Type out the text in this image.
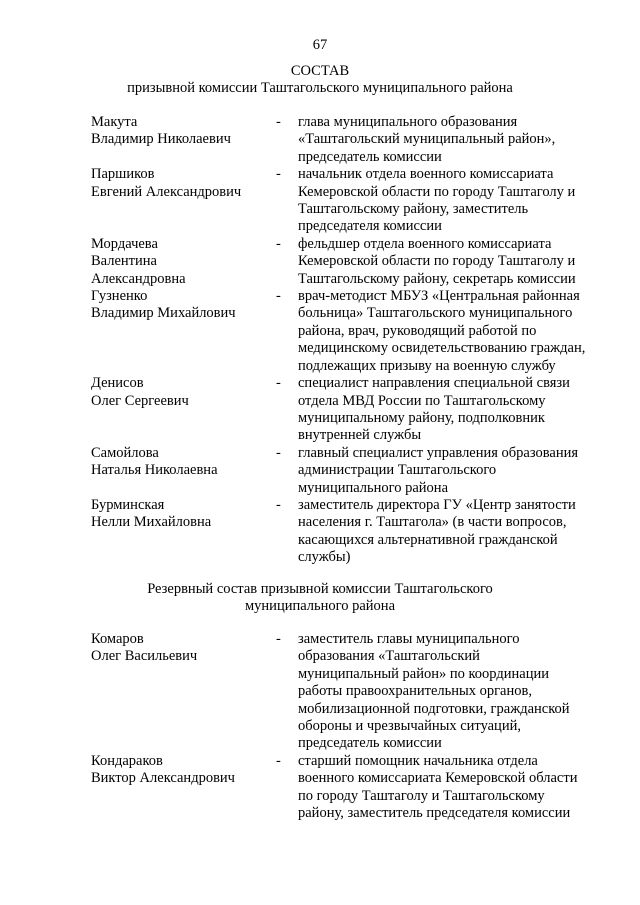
67
СОСТАВ
призывной комиссии Таштагольского муниципального района
Макута
Владимир Николаевич
-	глава муниципального образования
«Таштагольский муниципальный район»,
председатель комиссии
Паршиков
Евгений Александрович
-	начальник отдела военного комиссариата
Кемеровской области по городу Таштаголу и
Таштагольскому району, заместитель
председателя комиссии
Мордачева
Валентина
Александровна
-	фельдшер отдела военного комиссариата
Кемеровской области по городу Таштаголу и
Таштагольскому району, секретарь комиссии
Гузненко
Владимир Михайлович
-	врач-методист МБУЗ «Центральная районная
больница» Таштагольского муниципального
района, врач, руководящий работой по
медицинскому освидетельствованию граждан,
подлежащих призыву на военную службу
Денисов
Олег Сергеевич
-	специалист направления специальной связи
отдела МВД России по Таштагольскому
муниципальному району, подполковник
внутренней службы
Самойлова
Наталья Николаевна
-	главный специалист управления образования
администрации Таштагольского
муниципального района
Бурминская
Нелли Михайловна
-	заместитель директора ГУ «Центр занятости
населения г. Таштагола» (в части вопросов,
касающихся альтернативной гражданской
службы)
Резервный состав призывной комиссии Таштагольского
муниципального района
Комаров
Олег Васильевич
-	заместитель главы муниципального
образования «Таштагольский
муниципальный район» по координации
работы правоохранительных органов,
мобилизационной подготовки, гражданской
обороны и чрезвычайных ситуаций,
председатель комиссии
Кондараков
Виктор Александрович
-	старший помощник начальника отдела
военного комиссариата Кемеровской области
по городу Таштаголу и Таштагольскому
району, заместитель председателя комиссии
